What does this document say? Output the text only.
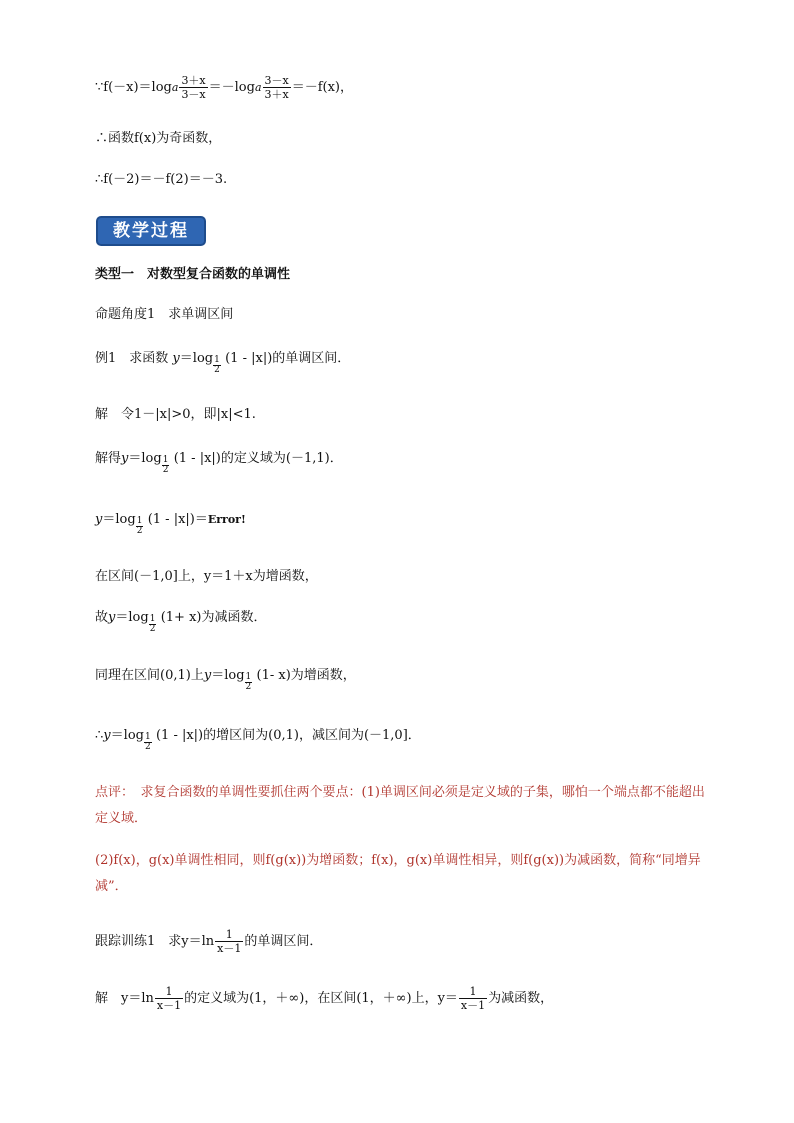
∵f(－x)＝loga $\frac{3+x}{3-x} =-\log a \frac{3-x}{3+x} =-f(x)$，
∴函数f(x)为奇函数，
∴f(－2)＝－f(2)＝－3.
教学过程
类型一　对数型复合函数的单调性
命题角度1　求单调区间
例1　求函数 $y=\log \frac{1}{2} (1 - |x|)$的单调区间．
解　令1－|x|>0，即|x|<1.
解得$y=\log \frac{1}{2} (1 - |x|)$的定义域为(－1,1)．
$y=\log \frac{1}{2} (1$ - |x|)＝Error!
在区间(－1,0]上，y＝1＋x为增函数，
故$y=\log \frac{1}{2} (1+ x)$为减函数．
同理在区间(0,1)上$y=\log \frac{1}{2} (1-$ x)为增函数，
∴y＝log $\frac{1}{2} (1 - |x|)$的增区间为(0,1)，减区间为(－1,0]．
点评：　求复合函数的单调性要抓住两个要点：(1)单调区间必须是定义域的子集，哪怕一个端点都不能超出定义域．
(2)f(x)，g(x)单调性相同，则f(g(x))为增函数；f(x)，g(x)单调性相异，则f(g(x))为减函数，简称“同增异减”．
跟踪训练1　求$y=\ln \frac{1}{x-1}$ 的单调区间．
解　$y=\ln \frac{1}{x-1}$ 的定义域为(1，＋∞)，在区间(1，＋∞)上，$y= \frac{1}{x-1}$ 为减函数，
